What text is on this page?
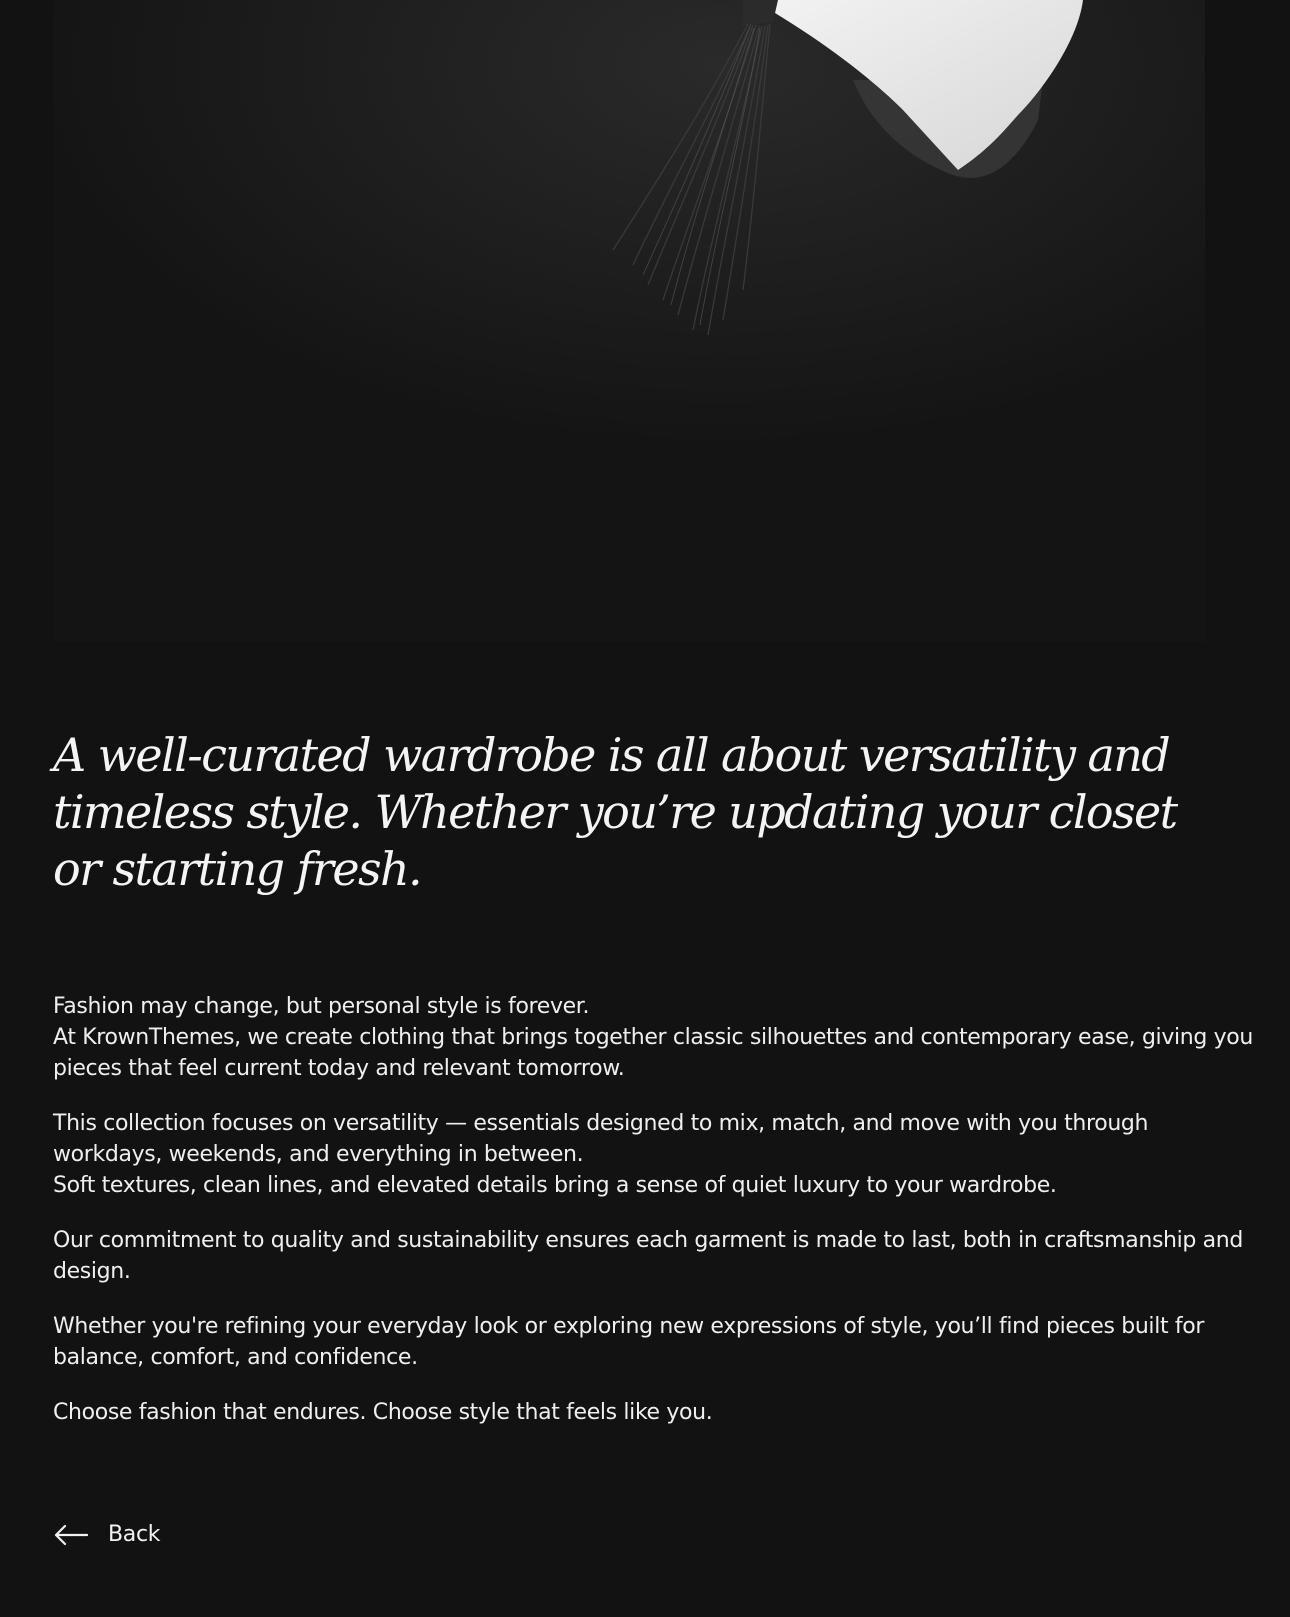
A well-curated wardrobe is all about versatility and timeless style. Whether you’re updating your closet or starting fresh.

Fashion may change, but personal style is forever.
At KrownThemes, we create clothing that brings together classic silhouettes and contemporary ease, giving you pieces that feel current today and relevant tomorrow.

This collection focuses on versatility — essentials designed to mix, match, and move with you through workdays, weekends, and everything in between.
Soft textures, clean lines, and elevated details bring a sense of quiet luxury to your wardrobe.

Our commitment to quality and sustainability ensures each garment is made to last, both in craftsmanship and design.

Whether you're refining your everyday look or exploring new expressions of style, you’ll find pieces built for balance, comfort, and confidence.

Choose fashion that endures. Choose style that feels like you.

Back
